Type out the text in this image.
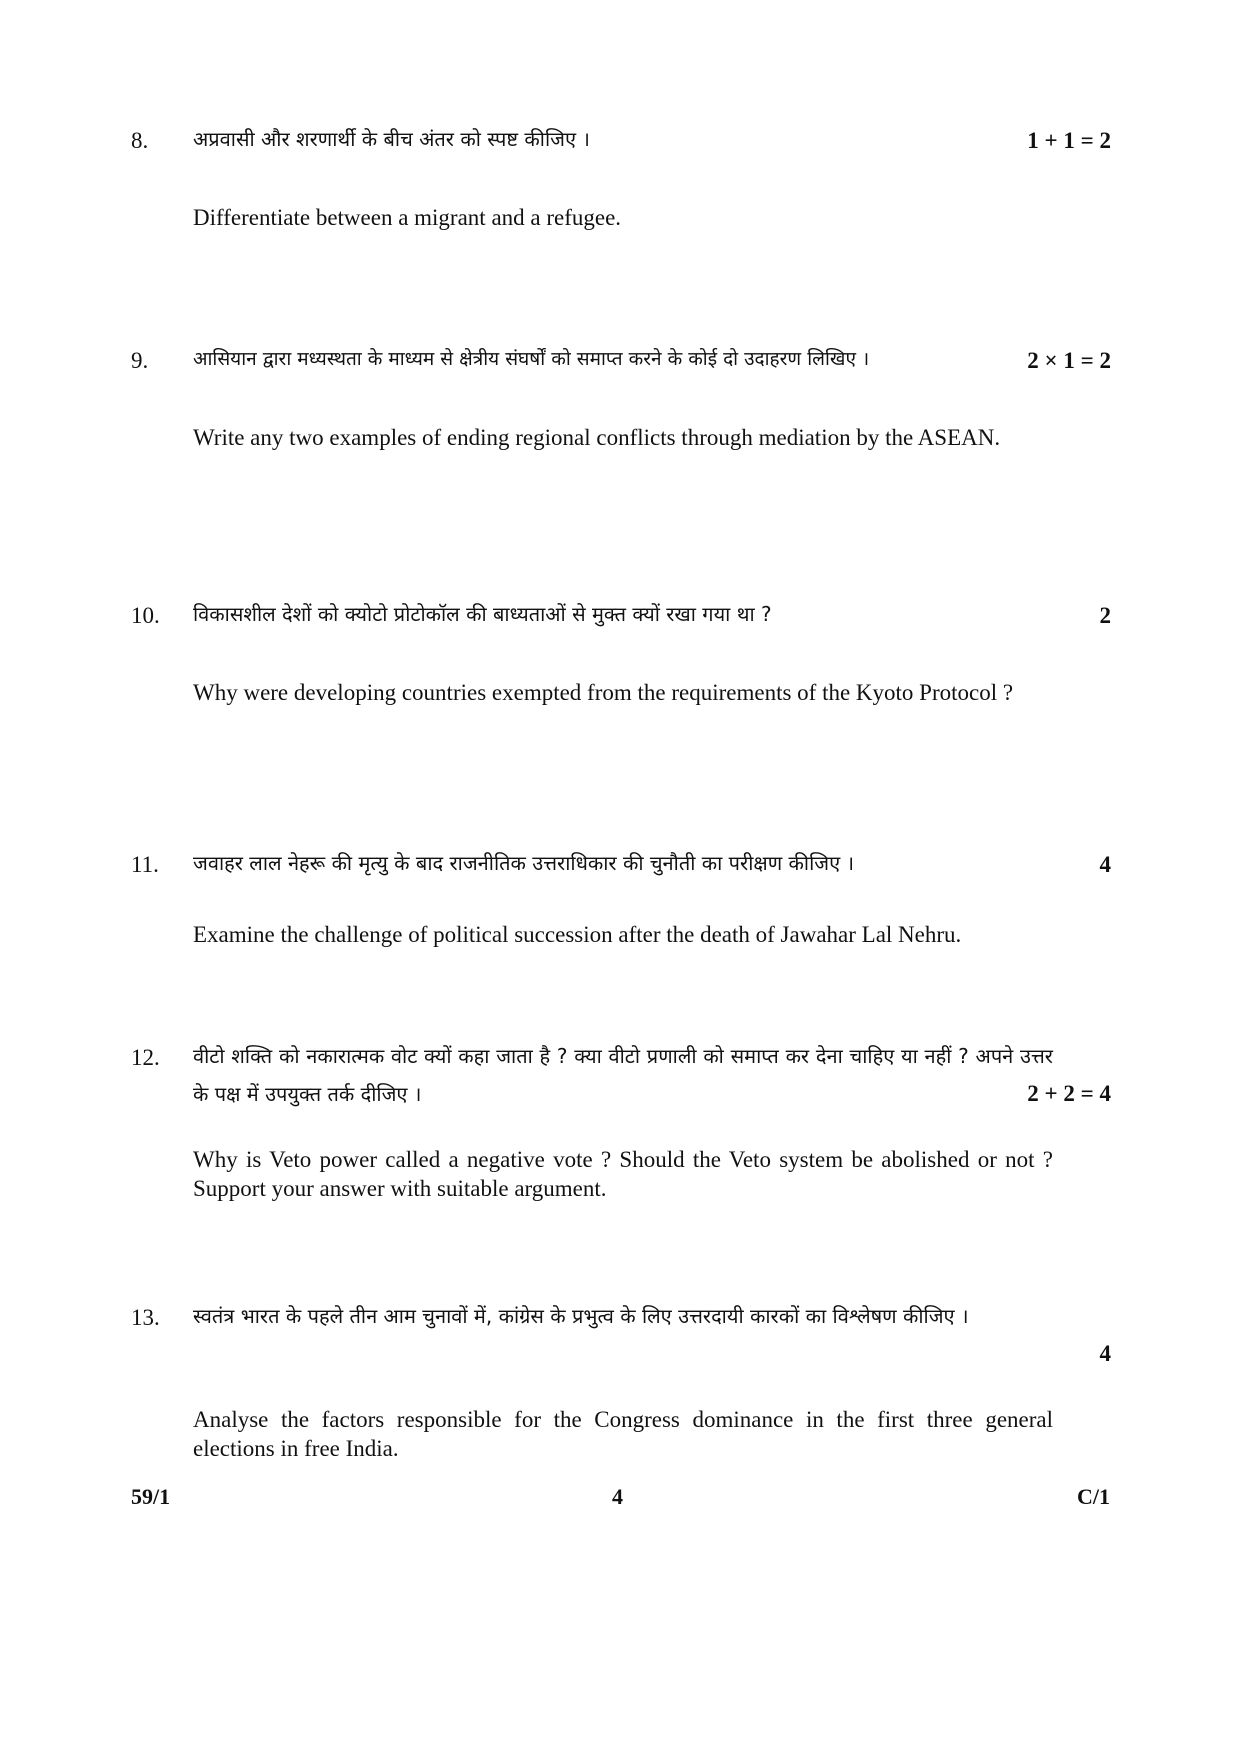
8. अप्रवासी और शरणार्थी के बीच अंतर को स्पष्ट कीजिए ।	1 + 1 = 2
Differentiate between a migrant and a refugee.
9. आसियान द्वारा मध्यस्थता के माध्यम से क्षेत्रीय संघर्षों को समाप्त करने के कोई दो उदाहरण लिखिए ।	2 × 1 = 2
Write any two examples of ending regional conflicts through mediation by the ASEAN.
10. विकासशील देशों को क्योटो प्रोटोकॉल की बाध्यताओं से मुक्त क्यों रखा गया था ?	2
Why were developing countries exempted from the requirements of the Kyoto Protocol ?
11. जवाहर लाल नेहरू की मृत्यु के बाद राजनीतिक उत्तराधिकार की चुनौती का परीक्षण कीजिए ।	4
Examine the challenge of political succession after the death of Jawahar Lal Nehru.
12. वीटो शक्ति को नकारात्मक वोट क्यों कहा जाता है ? क्या वीटो प्रणाली को समाप्त कर देना चाहिए या नहीं ? अपने उत्तर के पक्ष में उपयुक्त तर्क दीजिए ।	2 + 2 = 4
Why is Veto power called a negative vote ? Should the Veto system be abolished or not ? Support your answer with suitable argument.
13. स्वतंत्र भारत के पहले तीन आम चुनावों में, कांग्रेस के प्रभुत्व के लिए उत्तरदायी कारकों का विश्लेषण कीजिए ।
4
Analyse the factors responsible for the Congress dominance in the first three general elections in free India.
59/1	4	C/1
